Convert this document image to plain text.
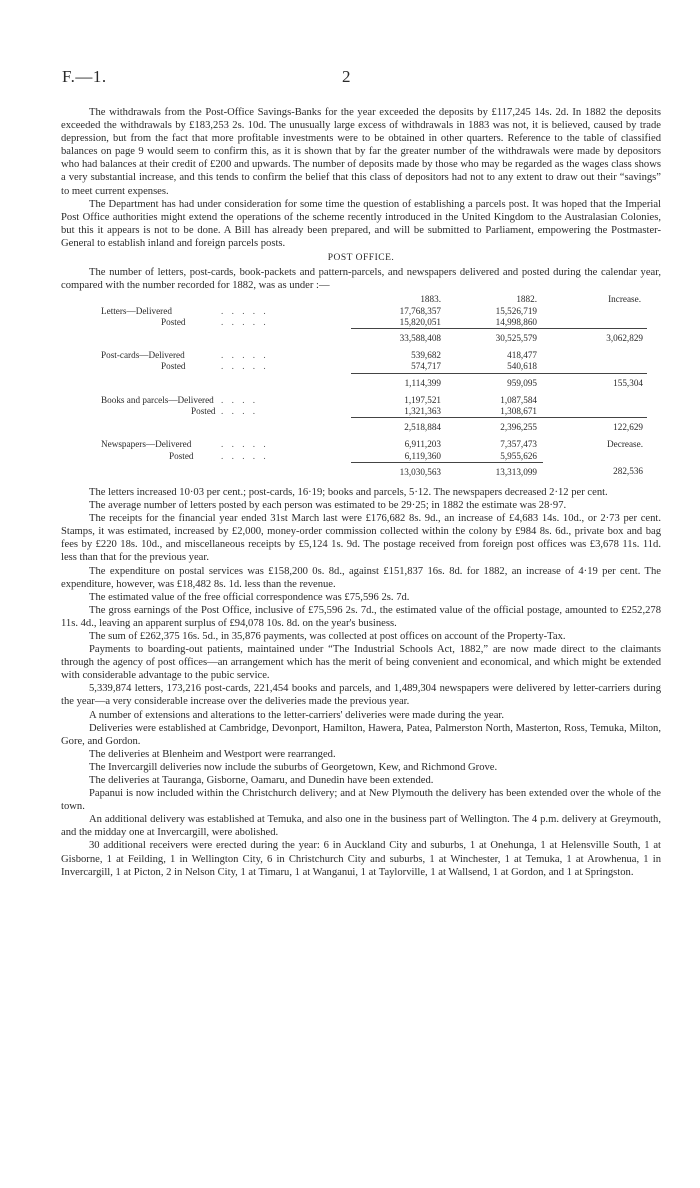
F.—1.	2

The withdrawals from the Post-Office Savings-Banks for the year exceeded the deposits by £117,245 14s. 2d. In 1882 the deposits exceeded the withdrawals by £183,253 2s. 10d. The unusually large excess of withdrawals in 1883 was not, it is believed, caused by trade depression, but from the fact that more profitable investments were to be obtained in other quarters. Reference to the table of classified balances on page 9 would seem to confirm this, as it is shown that by far the greater number of the withdrawals were made by depositors who had balances at their credit of £200 and upwards. The number of deposits made by those who may be regarded as the wages class shows a very substantial increase, and this tends to confirm the belief that this class of depositors had not to any extent to draw out their “savings” to meet current expenses.

The Department has had under consideration for some time the question of establishing a parcels post. It was hoped that the Imperial Post Office authorities might extend the operations of the scheme recently introduced in the United Kingdom to the Australasian Colonies, but this it appears is not to be done. A Bill has already been prepared, and will be submitted to Parliament, empowering the Postmaster-General to establish inland and foreign parcels posts.

POST OFFICE.

The number of letters, post-cards, book-packets and pattern-parcels, and newspapers delivered and posted during the calendar year, compared with the number recorded for 1882, was as under :—

		1883.	1882.	Increase.
Letters—Delivered	. . . . .	17,768,357	15,526,719	
Posted	. . . . .	15,820,051	14,998,860	
		33,588,408	30,525,579	3,062,829
Post-cards—Delivered	. . . . .	539,682	418,477	
Posted	. . . . .	574,717	540,618	
		1,114,399	959,095	155,304
Books and parcels—Delivered	. . . .	1,197,521	1,087,584	
Posted	. . . .	1,321,363	1,308,671	
		2,518,884	2,396,255	122,629
Newspapers—Delivered	. . . . .	6,911,203	7,357,473	Decrease.
Posted	. . . . .	6,119,360	5,955,626	
		13,030,563	13,313,099	282,536

The letters increased 10·03 per cent.; post-cards, 16·19; books and parcels, 5·12. The newspapers decreased 2·12 per cent.

The average number of letters posted by each person was estimated to be 29·25; in 1882 the estimate was 28·97.

The receipts for the financial year ended 31st March last were £176,682 8s. 9d., an increase of £4,683 14s. 10d., or 2·73 per cent. Stamps, it was estimated, increased by £2,000, money-order commission collected within the colony by £984 8s. 6d., private box and bag fees by £220 18s. 10d., and miscellaneous receipts by £5,124 1s. 9d. The postage received from foreign post offices was £3,678 11s. 11d. less than that for the previous year.

The expenditure on postal services was £158,200 0s. 8d., against £151,837 16s. 8d. for 1882, an increase of 4·19 per cent. The expenditure, however, was £18,482 8s. 1d. less than the revenue.

The estimated value of the free official correspondence was £75,596 2s. 7d.

The gross earnings of the Post Office, inclusive of £75,596 2s. 7d., the estimated value of the official postage, amounted to £252,278 11s. 4d., leaving an apparent surplus of £94,078 10s. 8d. on the year's business.

The sum of £262,375 16s. 5d., in 35,876 payments, was collected at post offices on account of the Property-Tax.

Payments to boarding-out patients, maintained under “The Industrial Schools Act, 1882,” are now made direct to the claimants through the agency of post offices—an arrangement which has the merit of being convenient and economical, and which might be extended with considerable advantage to the pubic service.

5,339,874 letters, 173,216 post-cards, 221,454 books and parcels, and 1,489,304 newspapers were delivered by letter-carriers during the year—a very considerable increase over the deliveries made the previous year.

A number of extensions and alterations to the letter-carriers' deliveries were made during the year.

Deliveries were established at Cambridge, Devonport, Hamilton, Hawera, Patea, Palmerston North, Masterton, Ross, Temuka, Milton, Gore, and Gordon.

The deliveries at Blenheim and Westport were rearranged.

The Invercargill deliveries now include the suburbs of Georgetown, Kew, and Richmond Grove.

The deliveries at Tauranga, Gisborne, Oamaru, and Dunedin have been extended.

Papanui is now included within the Christchurch delivery; and at New Plymouth the delivery has been extended over the whole of the town.

An additional delivery was established at Temuka, and also one in the business part of Wellington. The 4 p.m. delivery at Greymouth, and the midday one at Invercargill, were abolished.

30 additional receivers were erected during the year: 6 in Auckland City and suburbs, 1 at Onehunga, 1 at Helensville South, 1 at Gisborne, 1 at Feilding, 1 in Wellington City, 6 in Christchurch City and suburbs, 1 at Winchester, 1 at Temuka, 1 at Arowhenua, 1 in Invercargill, 1 at Picton, 2 in Nelson City, 1 at Timaru, 1 at Wanganui, 1 at Taylorville, 1 at Wallsend, 1 at Gordon, and 1 at Springston.
